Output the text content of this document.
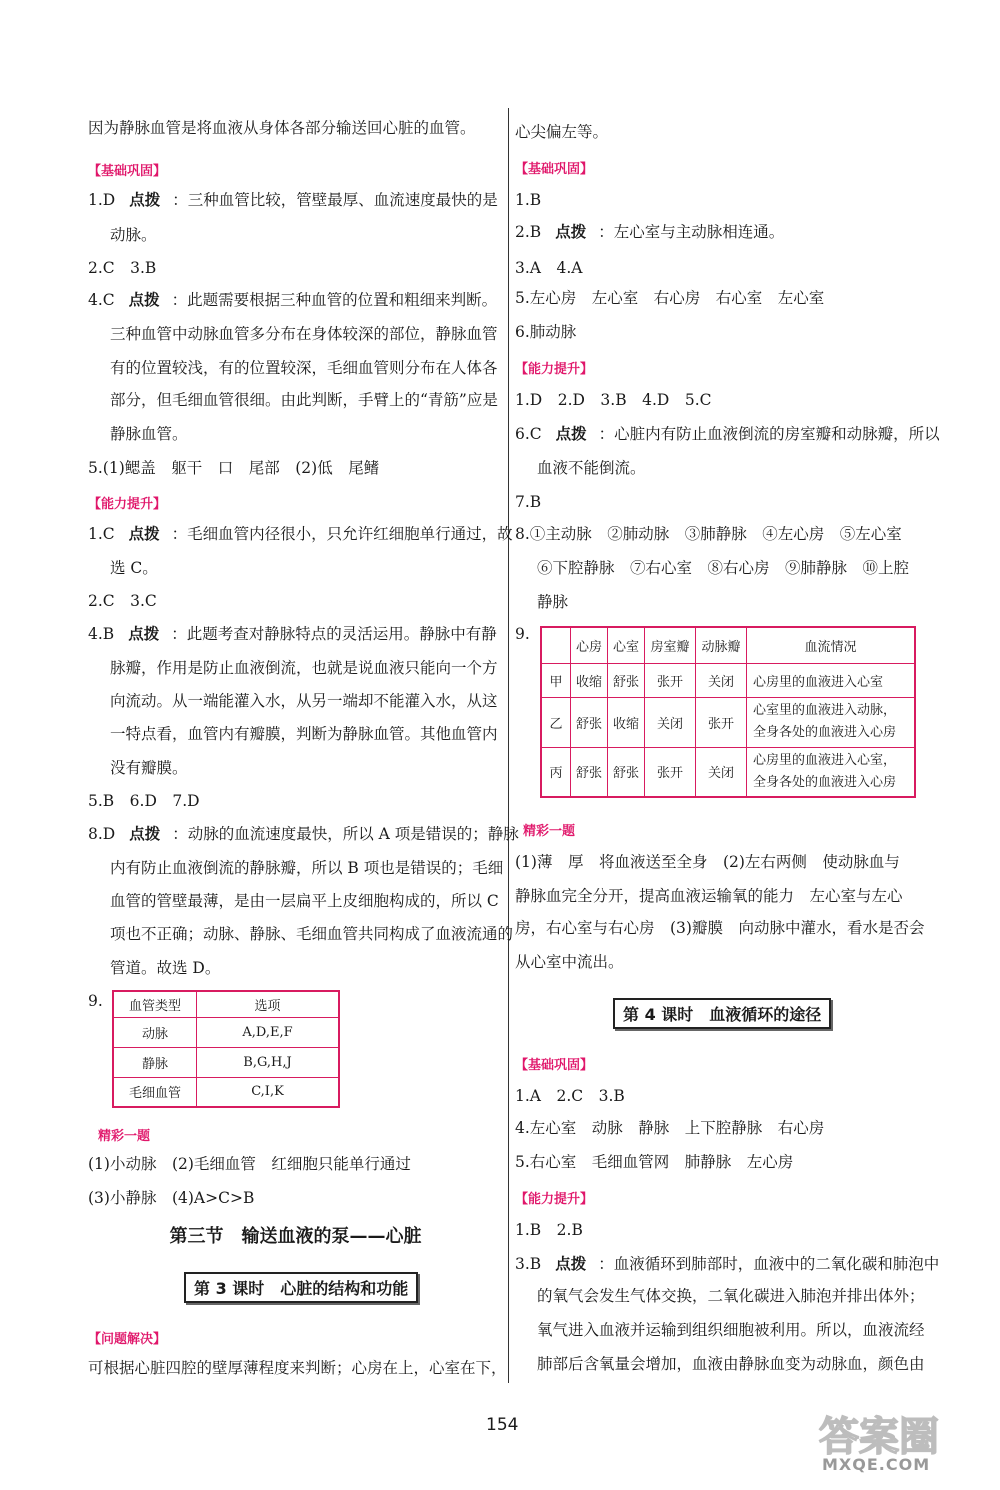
因为静脉血管是将血液从身体各部分输送回心脏的血管。
【基础巩固】
1.D 点拨 ：三种血管比较，管壁最厚、血流速度最快的是
动脉。
2.C　3.B
4.C 点拨 ：此题需要根据三种血管的位置和粗细来判断。
三种血管中动脉血管多分布在身体较深的部位，静脉血管
有的位置较浅，有的位置较深，毛细血管则分布在人体各
部分，但毛细血管很细。由此判断，手臂上的“青筋”应是
静脉血管。
5.(1)鳃盖　躯干　口　尾部　(2)低　尾鳍
【能力提升】
1.C 点拨 ：毛细血管内径很小，只允许红细胞单行通过，故
选 C。
2.C　3.C
4.B 点拨 ：此题考查对静脉特点的灵活运用。静脉中有静
脉瓣，作用是防止血液倒流，也就是说血液只能向一个方
向流动。从一端能灌入水，从另一端却不能灌入水，从这
一特点看，血管内有瓣膜，判断为静脉血管。其他血管内
没有瓣膜。
5.B　6.D　7.D
8.D 点拨 ：动脉的血流速度最快，所以 A 项是错误的；静脉
内有防止血液倒流的静脉瓣，所以 B 项也是错误的；毛细
血管的管壁最薄，是由一层扁平上皮细胞构成的，所以 C
项也不正确；动脉、静脉、毛细血管共同构成了血液流通的
管道。故选 D。
9. 血管类型	选项
动脉	A,D,E,F
静脉	B,G,H,J
毛细血管	C,I,K
精彩一题
(1)小动脉　(2)毛细血管　红细胞只能单行通过
(3)小静脉　(4)A>C>B
第三节　输送血液的泵——心脏
第 3 课时　心脏的结构和功能
【问题解决】
可根据心脏四腔的壁厚薄程度来判断；心房在上，心室在下，
心尖偏左等。
【基础巩固】
1.B
2.B 点拨 ：左心室与主动脉相连通。
3.A　4.A
5.左心房　左心室　右心房　右心室　左心室
6.肺动脉
【能力提升】
1.D　2.D　3.B　4.D　5.C
6.C 点拨 ：心脏内有防止血液倒流的房室瓣和动脉瓣，所以
血液不能倒流。
7.B
8.①主动脉　②肺动脉　③肺静脉　④左心房　⑤左心室
⑥下腔静脉　⑦右心室　⑧右心房　⑨肺静脉　⑩上腔
静脉
9.
	心房	心室	房室瓣	动脉瓣	血流情况
甲	收缩	舒张	张开	关闭	心房里的血液进入心室

乙	舒张	收缩	关闭	张开	心室里的血液进入动脉，
全身各处的血液进入心房

丙	舒张	舒张	张开	关闭	心房里的血液进入心室，
全身各处的血液进入心房
精彩一题
(1)薄　厚　将血液送至全身　(2)左右两侧　使动脉血与
静脉血完全分开，提高血液运输氧的能力　左心室与左心
房，右心室与右心房　(3)瓣膜　向动脉中灌水，看水是否会
从心室中流出。
第 4 课时　血液循环的途径
【基础巩固】
1.A　2.C　3.B
4.左心室　动脉　静脉　上下腔静脉　右心房
5.右心室　毛细血管网　肺静脉　左心房
【能力提升】
1.B　2.B
3.B 点拨 ：血液循环到肺部时，血液中的二氧化碳和肺泡中
的氧气会发生气体交换，二氧化碳进入肺泡并排出体外；
氧气进入血液并运输到组织细胞被利用。所以，血液流经
肺部后含氧量会增加，血液由静脉血变为动脉血，颜色由
154	答案圈
MXQE.COM
